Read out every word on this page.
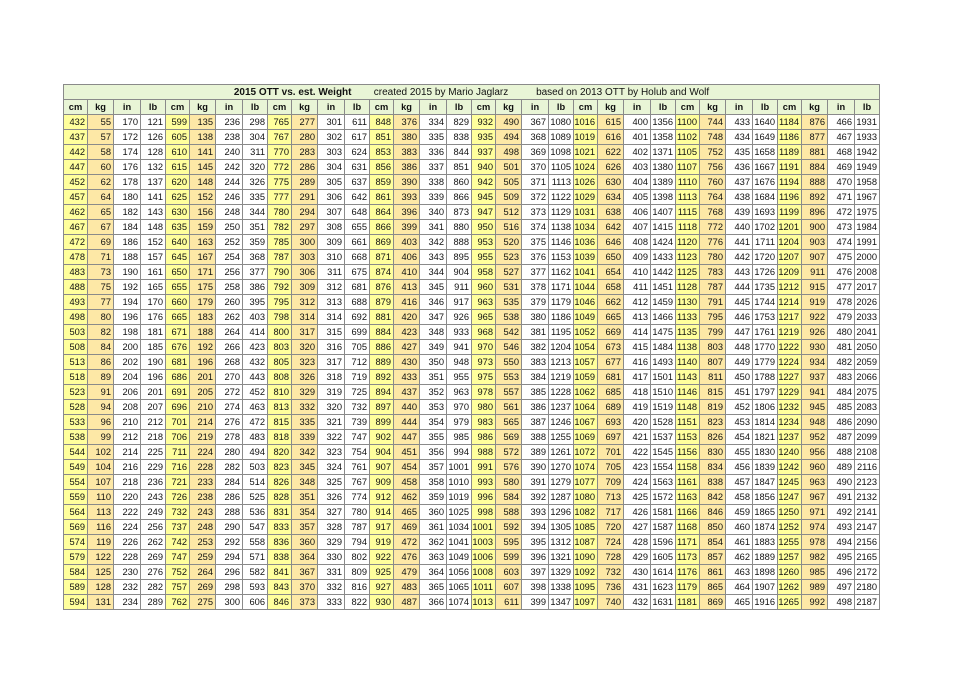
2015 OTT vs. est. Weight created 2015 by Mario Jaglarz based on 2013 OTT by Holub and Wolf																															
cm	kg	in	lb	cm	kg	in	lb	cm	kg	in	lb	cm	kg	in	lb	cm	kg	in	lb	cm	kg	in	lb	cm	kg	in	lb	cm	kg	in	lb
432	55	170	121	599	135	236	298	765	277	301	611	848	376	334	829	932	490	367	1080	1016	615	400	1356	1100	744	433	1640	1184	876	466	1931
437	57	172	126	605	138	238	304	767	280	302	617	851	380	335	838	935	494	368	1089	1019	616	401	1358	1102	748	434	1649	1186	877	467	1933
442	58	174	128	610	141	240	311	770	283	303	624	853	383	336	844	937	498	369	1098	1021	622	402	1371	1105	752	435	1658	1189	881	468	1942
447	60	176	132	615	145	242	320	772	286	304	631	856	386	337	851	940	501	370	1105	1024	626	403	1380	1107	756	436	1667	1191	884	469	1949
452	62	178	137	620	148	244	326	775	289	305	637	859	390	338	860	942	505	371	1113	1026	630	404	1389	1110	760	437	1676	1194	888	470	1958
457	64	180	141	625	152	246	335	777	291	306	642	861	393	339	866	945	509	372	1122	1029	634	405	1398	1113	764	438	1684	1196	892	471	1967
462	65	182	143	630	156	248	344	780	294	307	648	864	396	340	873	947	512	373	1129	1031	638	406	1407	1115	768	439	1693	1199	896	472	1975
467	67	184	148	635	159	250	351	782	297	308	655	866	399	341	880	950	516	374	1138	1034	642	407	1415	1118	772	440	1702	1201	900	473	1984
472	69	186	152	640	163	252	359	785	300	309	661	869	403	342	888	953	520	375	1146	1036	646	408	1424	1120	776	441	1711	1204	903	474	1991
478	71	188	157	645	167	254	368	787	303	310	668	871	406	343	895	955	523	376	1153	1039	650	409	1433	1123	780	442	1720	1207	907	475	2000
483	73	190	161	650	171	256	377	790	306	311	675	874	410	344	904	958	527	377	1162	1041	654	410	1442	1125	783	443	1726	1209	911	476	2008
488	75	192	165	655	175	258	386	792	309	312	681	876	413	345	911	960	531	378	1171	1044	658	411	1451	1128	787	444	1735	1212	915	477	2017
493	77	194	170	660	179	260	395	795	312	313	688	879	416	346	917	963	535	379	1179	1046	662	412	1459	1130	791	445	1744	1214	919	478	2026
498	80	196	176	665	183	262	403	798	314	314	692	881	420	347	926	965	538	380	1186	1049	665	413	1466	1133	795	446	1753	1217	922	479	2033
503	82	198	181	671	188	264	414	800	317	315	699	884	423	348	933	968	542	381	1195	1052	669	414	1475	1135	799	447	1761	1219	926	480	2041
508	84	200	185	676	192	266	423	803	320	316	705	886	427	349	941	970	546	382	1204	1054	673	415	1484	1138	803	448	1770	1222	930	481	2050
513	86	202	190	681	196	268	432	805	323	317	712	889	430	350	948	973	550	383	1213	1057	677	416	1493	1140	807	449	1779	1224	934	482	2059
518	89	204	196	686	201	270	443	808	326	318	719	892	433	351	955	975	553	384	1219	1059	681	417	1501	1143	811	450	1788	1227	937	483	2066
523	91	206	201	691	205	272	452	810	329	319	725	894	437	352	963	978	557	385	1228	1062	685	418	1510	1146	815	451	1797	1229	941	484	2075
528	94	208	207	696	210	274	463	813	332	320	732	897	440	353	970	980	561	386	1237	1064	689	419	1519	1148	819	452	1806	1232	945	485	2083
533	96	210	212	701	214	276	472	815	335	321	739	899	444	354	979	983	565	387	1246	1067	693	420	1528	1151	823	453	1814	1234	948	486	2090
538	99	212	218	706	219	278	483	818	339	322	747	902	447	355	985	986	569	388	1255	1069	697	421	1537	1153	826	454	1821	1237	952	487	2099
544	102	214	225	711	224	280	494	820	342	323	754	904	451	356	994	988	572	389	1261	1072	701	422	1545	1156	830	455	1830	1240	956	488	2108
549	104	216	229	716	228	282	503	823	345	324	761	907	454	357	1001	991	576	390	1270	1074	705	423	1554	1158	834	456	1839	1242	960	489	2116
554	107	218	236	721	233	284	514	826	348	325	767	909	458	358	1010	993	580	391	1279	1077	709	424	1563	1161	838	457	1847	1245	963	490	2123
559	110	220	243	726	238	286	525	828	351	326	774	912	462	359	1019	996	584	392	1287	1080	713	425	1572	1163	842	458	1856	1247	967	491	2132
564	113	222	249	732	243	288	536	831	354	327	780	914	465	360	1025	998	588	393	1296	1082	717	426	1581	1166	846	459	1865	1250	971	492	2141
569	116	224	256	737	248	290	547	833	357	328	787	917	469	361	1034	1001	592	394	1305	1085	720	427	1587	1168	850	460	1874	1252	974	493	2147
574	119	226	262	742	253	292	558	836	360	329	794	919	472	362	1041	1003	595	395	1312	1087	724	428	1596	1171	854	461	1883	1255	978	494	2156
579	122	228	269	747	259	294	571	838	364	330	802	922	476	363	1049	1006	599	396	1321	1090	728	429	1605	1173	857	462	1889	1257	982	495	2165
584	125	230	276	752	264	296	582	841	367	331	809	925	479	364	1056	1008	603	397	1329	1092	732	430	1614	1176	861	463	1898	1260	985	496	2172
589	128	232	282	757	269	298	593	843	370	332	816	927	483	365	1065	1011	607	398	1338	1095	736	431	1623	1179	865	464	1907	1262	989	497	2180
594	131	234	289	762	275	300	606	846	373	333	822	930	487	366	1074	1013	611	399	1347	1097	740	432	1631	1181	869	465	1916	1265	992	498	2187
